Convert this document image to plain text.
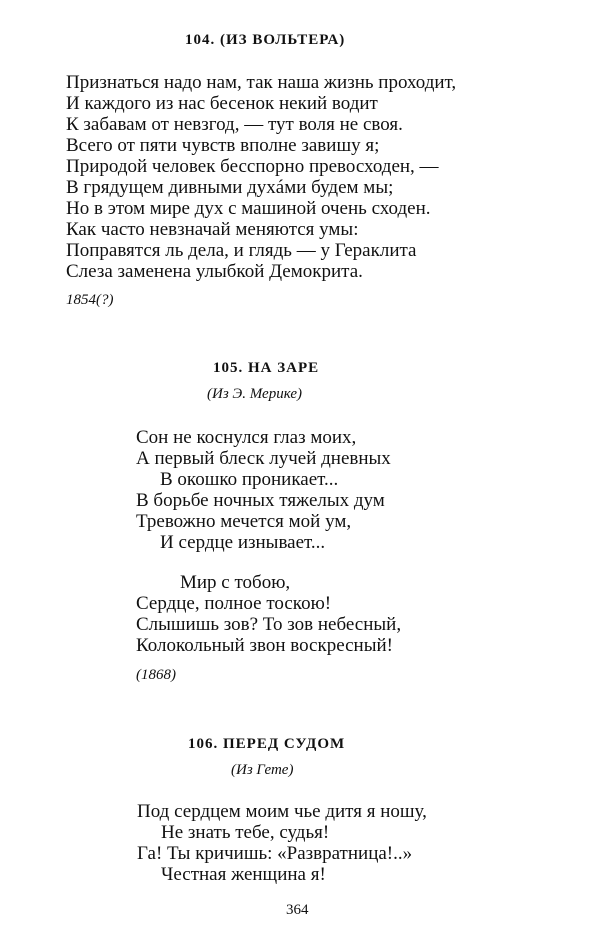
104. (ИЗ ВОЛЬТЕРА)
Признаться надо нам, так наша жизнь проходит,
И каждого из нас бесенок некий водит
К забавам от невзгод, — тут воля не своя.
Всего от пяти чувств вполне завишу я;
Природой человек бесспорно превосходен, —
В грядущем дивными духáми будем мы;
Но в этом мире дух с машиной очень сходен.
Как часто невзначай меняются умы:
Поправятся ль дела, и глядь — у Гераклита
Слеза заменена улыбкой Демокрита.
1854(?)
105. НА ЗАРЕ
(Из Э. Мерике)
Сон не коснулся глаз моих,
А первый блеск лучей дневных
В окошко проникает...
В борьбе ночных тяжелых дум
Тревожно мечется мой ум,
И сердце изнывает...
Мир с тобою,
Сердце, полное тоскою!
Слышишь зов? То зов небесный,
Колокольный звон воскресный!
(1868)
106. ПЕРЕД СУДОМ
(Из Гете)
Под сердцем моим чье дитя я ношу,
Не знать тебе, судья!
Га! Ты кричишь: «Развратница!..»
Честная женщина я!
364
